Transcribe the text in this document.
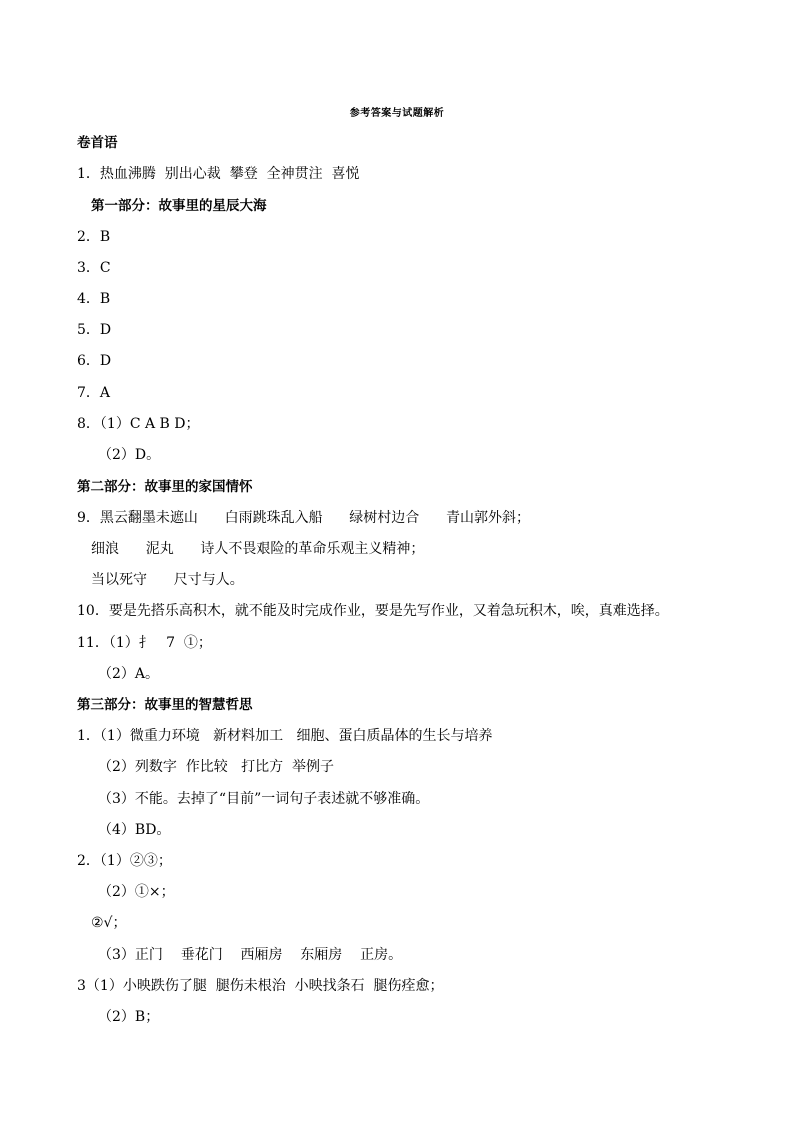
参考答案与试题解析
卷首语
1．热血沸腾  别出心裁  攀登  全神贯注  喜悦
第一部分：故事里的星辰大海
2．B
3．C
4．B
5．D
6．D
7．A
8．（1）C A B D；
（2）D。
第二部分：故事里的家国情怀
9．黑云翻墨未遮山      白雨跳珠乱入船      绿树村边合      青山郭外斜；
细浪      泥丸      诗人不畏艰险的革命乐观主义精神；
当以死守      尺寸与人。
10．要是先搭乐高积木，就不能及时完成作业，要是先写作业，又着急玩积木，唉，真难选择。
11．（1）扌   7  ①；
（2）A。
第三部分：故事里的智慧哲思
1．（1）微重力环境   新材料加工   细胞、蛋白质晶体的生长与培养
（2）列数字  作比较   打比方  举例子
（3）不能。去掉了“目前”一词句子表述就不够准确。
（4）BD。
2．（1）②③；
（2）①×；
②√；
（3）正门    垂花门    西厢房    东厢房    正房。
3（1）小映跌伤了腿  腿伤未根治  小映找条石  腿伤痊愈；
（2）B；
